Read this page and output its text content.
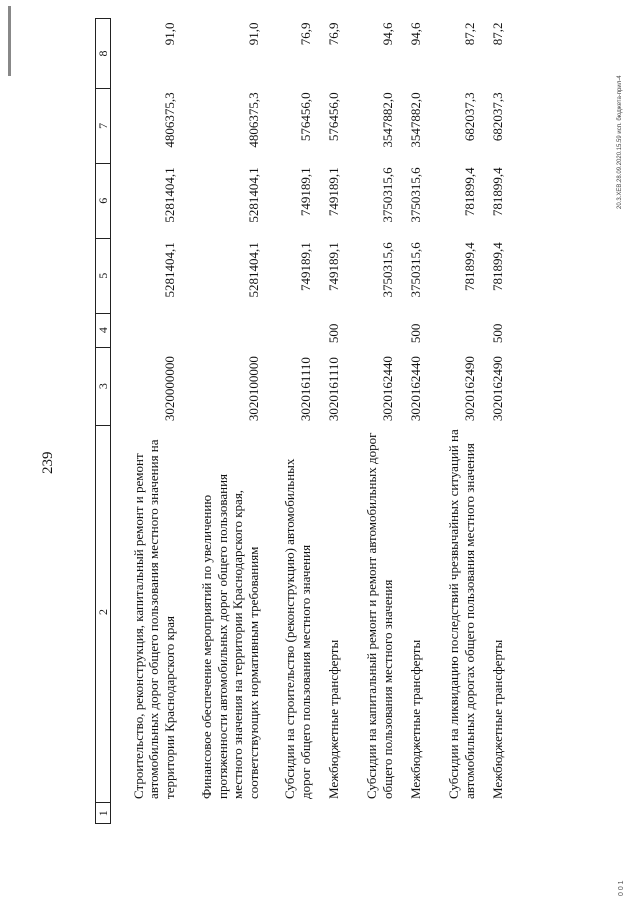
239
1	2	3	4	5	6	7	8
	Строительство, реконструкция, капитальный ремонт и ремонт автомобильных дорог общего пользования местного значения на территории Краснодарского края	3020000000		5281404,1	5281404,1	4806375,3	91,0
	Финансовое обеспечение мероприятий по увеличению протяженности автомобильных дорог общего пользования местного значения на территории Краснодарского края, соответствующих нормативным требованиям	3020100000		5281404,1	5281404,1	4806375,3	91,0
	Субсидии на строительство (реконструкцию) автомобильных дорог общего пользования местного значения	3020161110		749189,1	749189,1	576456,0	76,9
	Межбюджетные трансферты	3020161110	500	749189,1	749189,1	576456,0	76,9
	Субсидии на капитальный ремонт и ремонт автомобильных дорог общего пользования местного значения	3020162440		3750315,6	3750315,6	3547882,0	94,6
	Межбюджетные трансферты	3020162440	500	3750315,6	3750315,6	3547882,0	94,6
	Субсидии на ликвидацию последствий чрезвычайных ситуаций на автомобильных дорогах общего пользования местного значения	3020162490		781899,4	781899,4	682037,3	87,2
	Межбюджетные трансферты	3020162490	500	781899,4	781899,4	682037,3	87,2
20.3.XEB.28.09.2020.15.59 исп. бюджета-прил-4
0 0 1
